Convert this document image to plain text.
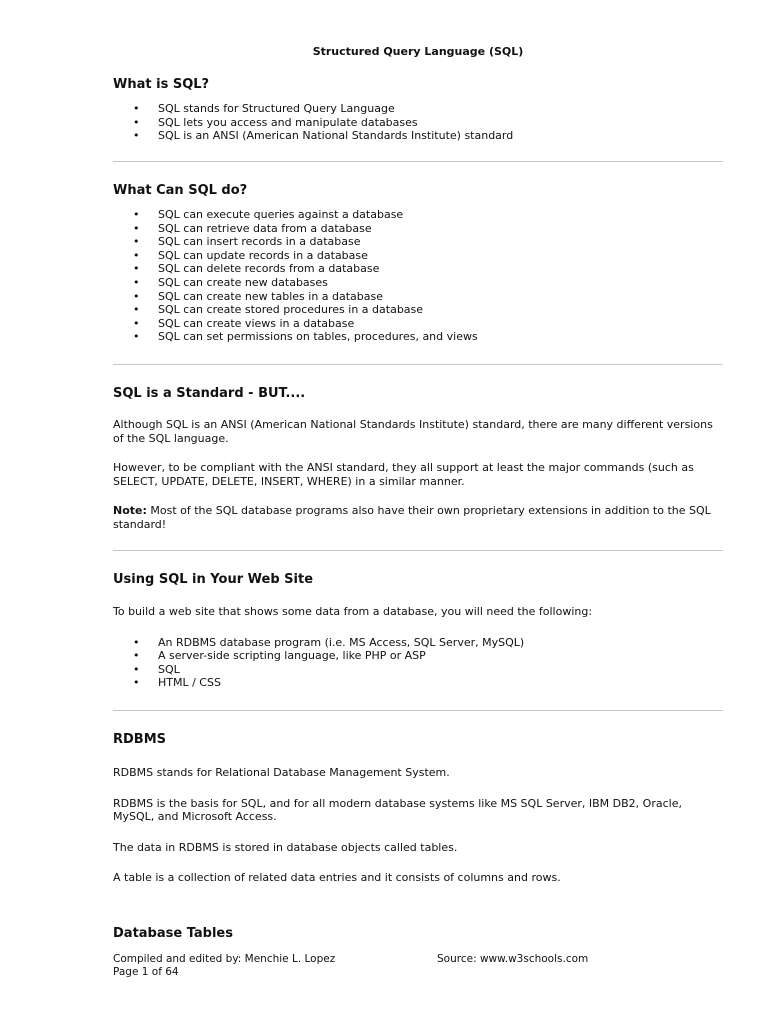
Structured Query Language (SQL)
What is SQL?
• SQL stands for Structured Query Language
• SQL lets you access and manipulate databases
• SQL is an ANSI (American National Standards Institute) standard
What Can SQL do?
• SQL can execute queries against a database
• SQL can retrieve data from a database
• SQL can insert records in a database
• SQL can update records in a database
• SQL can delete records from a database
• SQL can create new databases
• SQL can create new tables in a database
• SQL can create stored procedures in a database
• SQL can create views in a database
• SQL can set permissions on tables, procedures, and views
SQL is a Standard - BUT....

Although SQL is an ANSI (American National Standards Institute) standard, there are many different versions of the SQL language.

However, to be compliant with the ANSI standard, they all support at least the major commands (such as SELECT, UPDATE, DELETE, INSERT, WHERE) in a similar manner.

Note: Most of the SQL database programs also have their own proprietary extensions in addition to the SQL standard!

Using SQL in Your Web Site

To build a web site that shows some data from a database, you will need the following:

• An RDBMS database program (i.e. MS Access, SQL Server, MySQL)
• A server-side scripting language, like PHP or ASP
• SQL
• HTML / CSS
RDBMS

RDBMS stands for Relational Database Management System.

RDBMS is the basis for SQL, and for all modern database systems like MS SQL Server, IBM DB2, Oracle, MySQL, and Microsoft Access.

The data in RDBMS is stored in database objects called tables.

A table is a collection of related data entries and it consists of columns and rows.

Database Tables
Compiled and edited by: Menchie L. Lopez	Source: www.w3schools.com
Page 1 of 64
